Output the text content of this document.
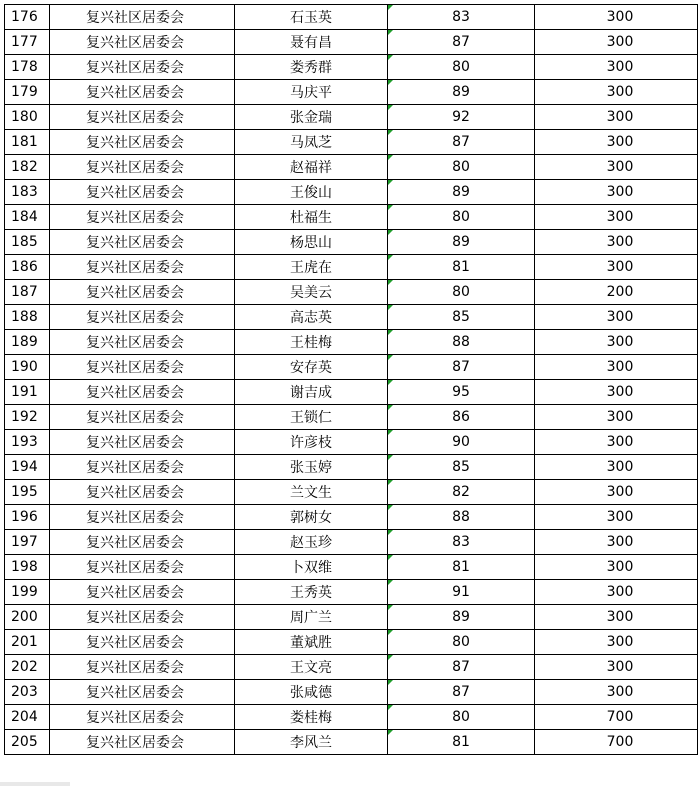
176	复兴社区居委会	石玉英	83	300
177	复兴社区居委会	聂有昌	87	300
178	复兴社区居委会	娄秀群	80	300
179	复兴社区居委会	马庆平	89	300
180	复兴社区居委会	张金瑞	92	300
181	复兴社区居委会	马凤芝	87	300
182	复兴社区居委会	赵福祥	80	300
183	复兴社区居委会	王俊山	89	300
184	复兴社区居委会	杜福生	80	300
185	复兴社区居委会	杨思山	89	300
186	复兴社区居委会	王虎在	81	300
187	复兴社区居委会	吴美云	80	200
188	复兴社区居委会	高志英	85	300
189	复兴社区居委会	王桂梅	88	300
190	复兴社区居委会	安存英	87	300
191	复兴社区居委会	谢吉成	95	300
192	复兴社区居委会	王锁仁	86	300
193	复兴社区居委会	许彦枝	90	300
194	复兴社区居委会	张玉婷	85	300
195	复兴社区居委会	兰文生	82	300
196	复兴社区居委会	郭树女	88	300
197	复兴社区居委会	赵玉珍	83	300
198	复兴社区居委会	卜双维	81	300
199	复兴社区居委会	王秀英	91	300
200	复兴社区居委会	周广兰	89	300
201	复兴社区居委会	董斌胜	80	300
202	复兴社区居委会	王文亮	87	300
203	复兴社区居委会	张咸德	87	300
204	复兴社区居委会	娄桂梅	80	700
205	复兴社区居委会	李风兰	81	700
